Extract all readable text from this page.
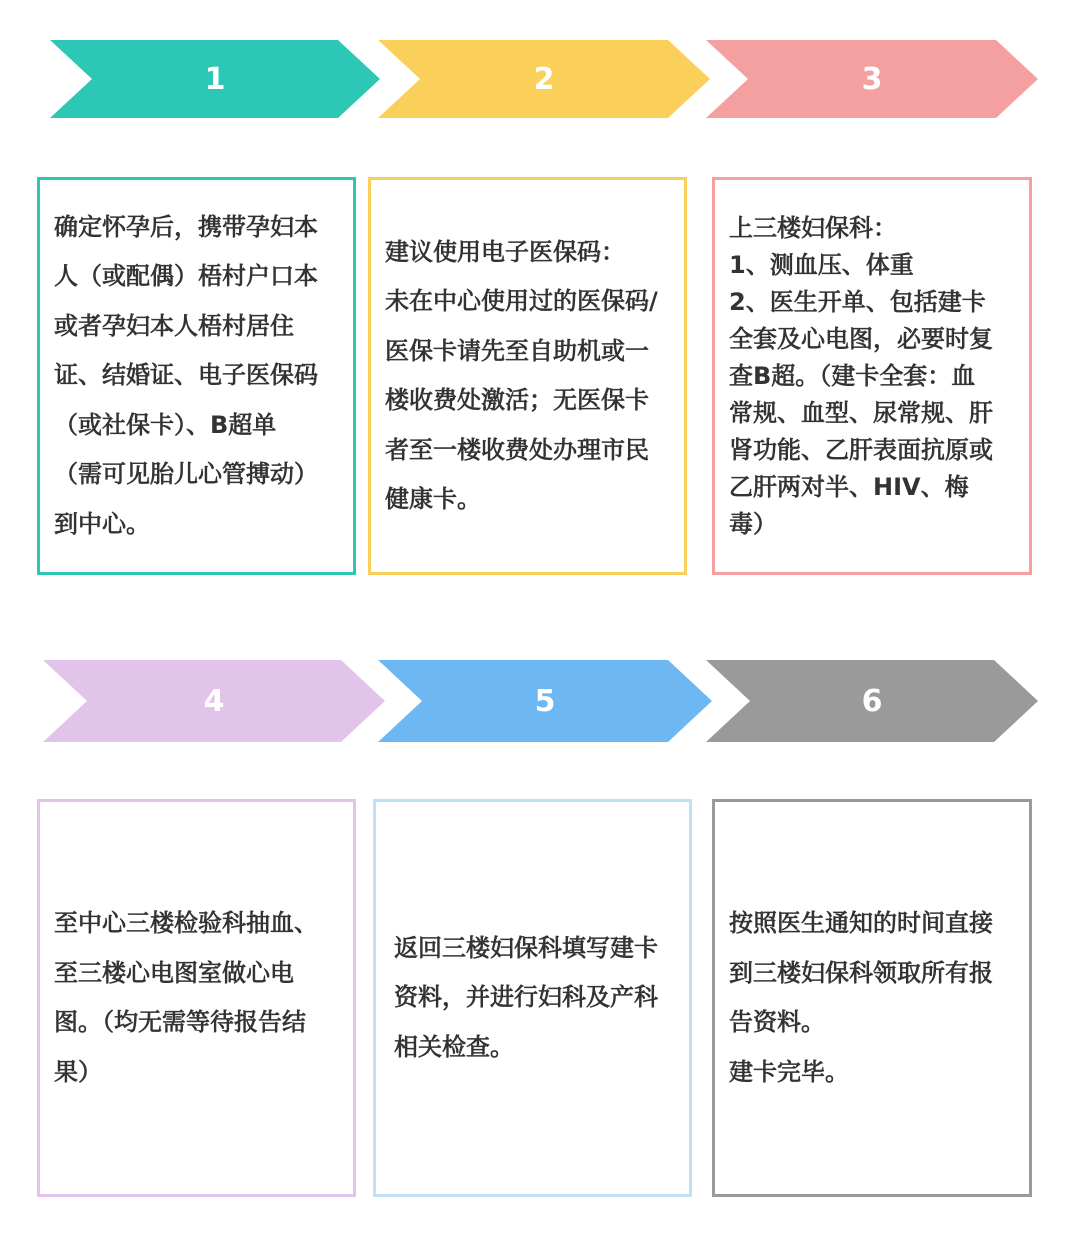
1	2	3

确定怀孕后，携带孕妇本
人（或配偶）梧村户口本
或者孕妇本人梧村居住
证、结婚证、电子医保码
（或社保卡）、B超单
（需可见胎儿心管搏动）
到中心。

建议使用电子医保码：
未在中心使用过的医保码/
医保卡请先至自助机或一
楼收费处激活；无医保卡
者至一楼收费处办理市民
健康卡。

上三楼妇保科：
1、测血压、体重
2、医生开单、包括建卡
全套及心电图，必要时复
查B超。（建卡全套：血
常规、血型、尿常规、肝
肾功能、乙肝表面抗原或
乙肝两对半、HIV、梅
毒）

4	5	6

至中心三楼检验科抽血、
至三楼心电图室做心电
图。（均无需等待报告结
果）

返回三楼妇保科填写建卡
资料，并进行妇科及产科
相关检查。

按照医生通知的时间直接
到三楼妇保科领取所有报
告资料。
建卡完毕。
